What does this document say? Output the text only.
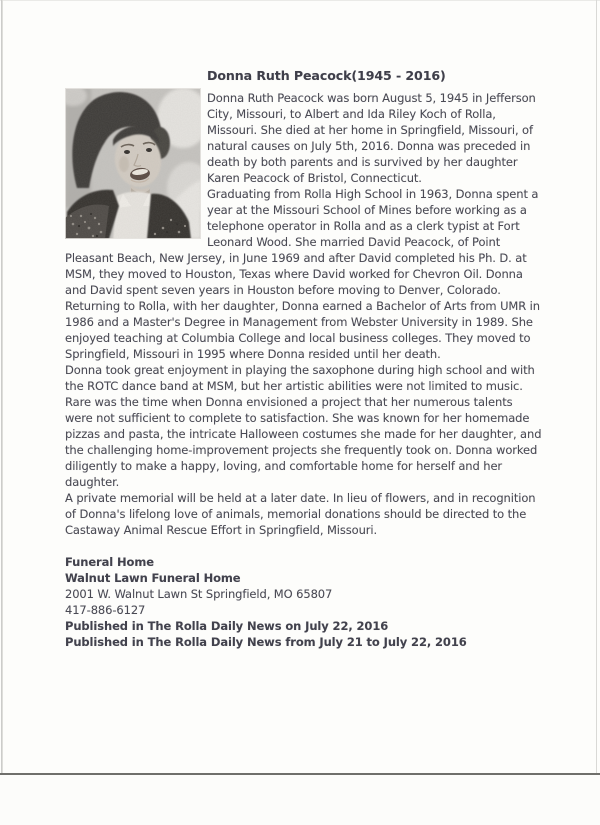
Donna Ruth Peacock(1945 - 2016)

Donna Ruth Peacock was born August 5, 1945 in Jefferson City, Missouri, to Albert and Ida Riley Koch of Rolla, Missouri. She died at her home in Springfield, Missouri, of natural causes on July 5th, 2016. Donna was preceded in death by both parents and is survived by her daughter Karen Peacock of Bristol, Connecticut.

Graduating from Rolla High School in 1963, Donna spent a year at the Missouri School of Mines before working as a telephone operator in Rolla and as a clerk typist at Fort Leonard Wood. She married David Peacock, of Point Pleasant Beach, New Jersey, in June 1969 and after David completed his Ph. D. at MSM, they moved to Houston, Texas where David worked for Chevron Oil. Donna and David spent seven years in Houston before moving to Denver, Colorado.

Returning to Rolla, with her daughter, Donna earned a Bachelor of Arts from UMR in 1986 and a Master's Degree in Management from Webster University in 1989. She enjoyed teaching at Columbia College and local business colleges. They moved to Springfield, Missouri in 1995 where Donna resided until her death.

Donna took great enjoyment in playing the saxophone during high school and with the ROTC dance band at MSM, but her artistic abilities were not limited to music. Rare was the time when Donna envisioned a project that her numerous talents were not sufficient to complete to satisfaction. She was known for her homemade pizzas and pasta, the intricate Halloween costumes she made for her daughter, and the challenging home-improvement projects she frequently took on. Donna worked diligently to make a happy, loving, and comfortable home for herself and her daughter.

A private memorial will be held at a later date. In lieu of flowers, and in recognition of Donna's lifelong love of animals, memorial donations should be directed to the Castaway Animal Rescue Effort in Springfield, Missouri.

Funeral Home

Walnut Lawn Funeral Home

2001 W. Walnut Lawn St Springfield, MO 65807

417-886-6127

Published in The Rolla Daily News on July 22, 2016

Published in The Rolla Daily News from July 21 to July 22, 2016
